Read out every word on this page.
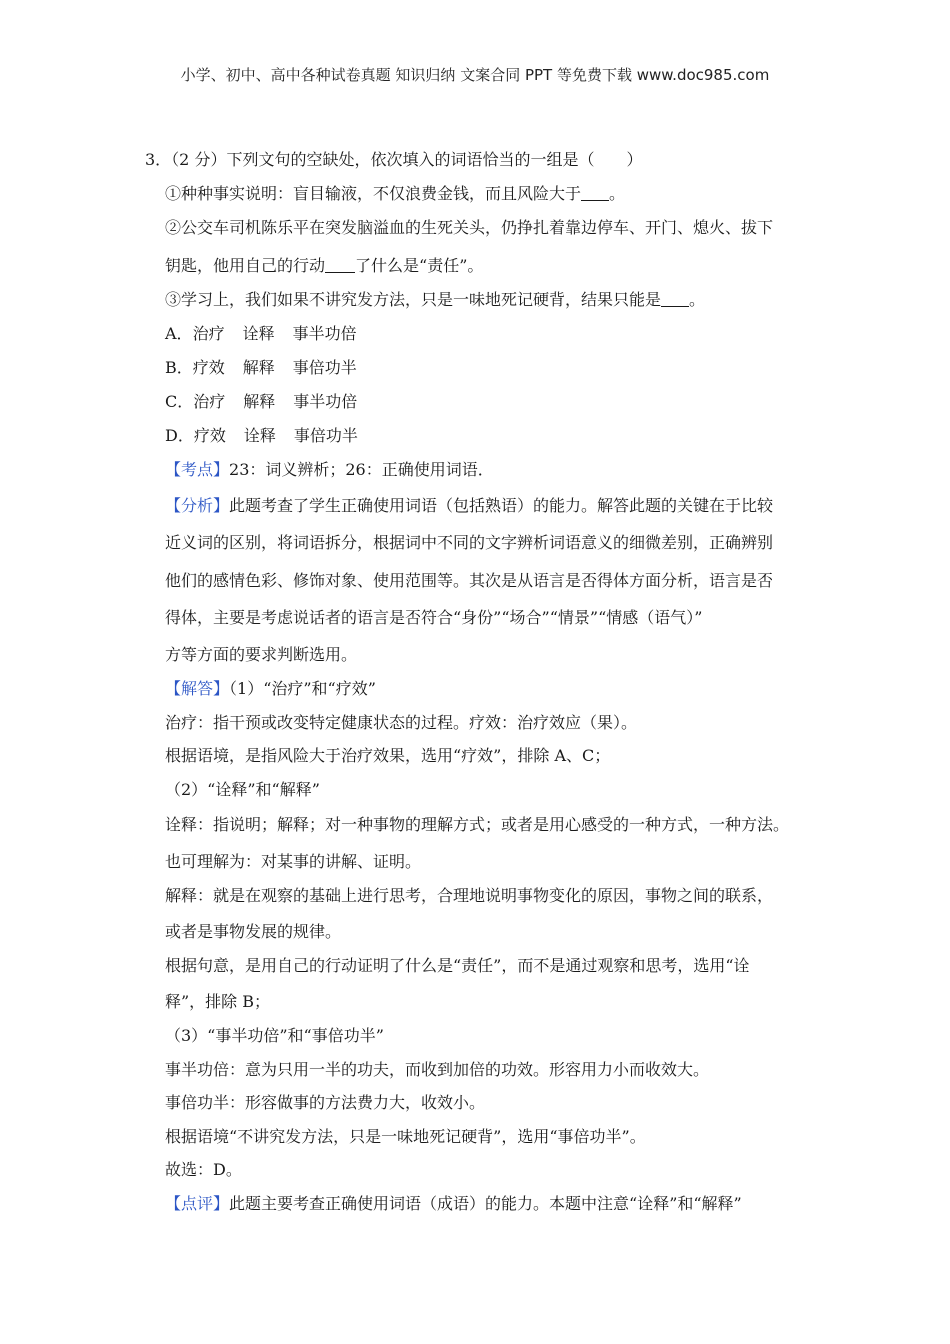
小学、初中、高中各种试卷真题 知识归纳 文案合同 PPT 等免费下载 www.doc985.com
3．（2 分）下列文句的空缺处，依次填入的词语恰当的一组是（　　）
①种种事实说明：盲目输液，不仅浪费金钱，而且风险大于 。
②公交车司机陈乐平在突发脑溢血的生死关头，仍挣扎着靠边停车、开门、熄火、拔下
钥匙，他用自己的行动 了什么是“责任”。
③学习上，我们如果不讲究发方法，只是一味地死记硬背，结果只能是 。
A．治疗 诠释 事半功倍
B．疗效 解释 事倍功半
C．治疗 解释 事半功倍
D．疗效 诠释 事倍功半
【考点】23：词义辨析；26：正确使用词语．
【分析】此题考查了学生正确使用词语（包括熟语）的能力。解答此题的关键在于比较
近义词的区别，将词语拆分，根据词中不同的文字辨析词语意义的细微差别，正确辨别
他们的感情色彩、修饰对象、使用范围等。其次是从语言是否得体方面分析，语言是否
得体，主要是考虑说话者的语言是否符合“身份”“场合”“情景”“情感（语气）”
方等方面的要求判断选用。
【解答】（1）“治疗”和“疗效”
治疗：指干预或改变特定健康状态的过程。疗效：治疗效应（果）。
根据语境，是指风险大于治疗效果，选用“疗效”，排除 A、C；
（2）“诠释”和“解释”
诠释：指说明；解释；对一种事物的理解方式；或者是用心感受的一种方式，一种方法。
也可理解为：对某事的讲解、证明。
解释：就是在观察的基础上进行思考，合理地说明事物变化的原因，事物之间的联系，
或者是事物发展的规律。
根据句意，是用自己的行动证明了什么是“责任”，而不是通过观察和思考，选用“诠
释”，排除 B；
（3）“事半功倍”和“事倍功半”
事半功倍：意为只用一半的功夫，而收到加倍的功效。形容用力小而收效大。
事倍功半：形容做事的方法费力大，收效小。
根据语境“不讲究发方法，只是一味地死记硬背”，选用“事倍功半”。
故选：D。
【点评】此题主要考查正确使用词语（成语）的能力。本题中注意“诠释”和“解释”
